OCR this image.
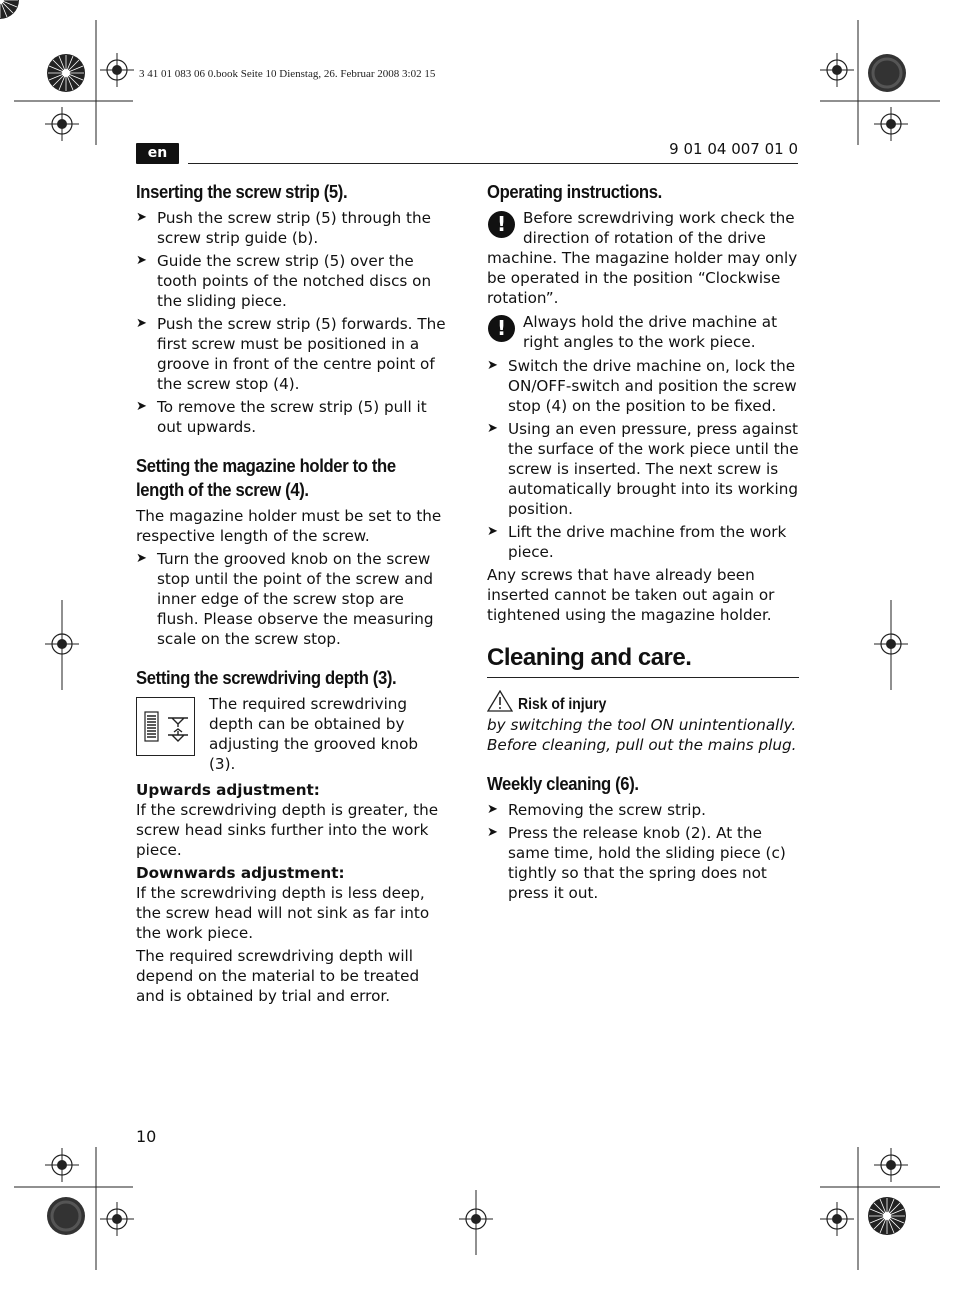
3 41 01 083 06 0.book Seite 10 Dienstag, 26. Februar 2008 3:02 15
en	9 01 04 007 01 0
Inserting the screw strip (5).
➤ Push the screw strip (5) through the screw strip guide (b).
➤ Guide the screw strip (5) over the tooth points of the notched discs on the sliding piece.
➤ Push the screw strip (5) forwards. The first screw must be positioned in a groove in front of the centre point of the screw stop (4).
➤ To remove the screw strip (5) pull it out upwards.
Setting the magazine holder to the length of the screw (4).

The magazine holder must be set to the respective length of the screw.

➤ Turn the grooved knob on the screw stop until the point of the screw and inner edge of the screw stop are flush. Please observe the measuring scale on the screw stop.
Setting the screwdriving depth (3).

The required screwdriving depth can be obtained by adjusting the grooved knob (3).

Upwards adjustment:

If the screwdriving depth is greater, the screw head sinks further into the work piece.

Downwards adjustment:

If the screwdriving depth is less deep, the screw head will not sink as far into the work piece.

The required screwdriving depth will depend on the material to be treated and is obtained by trial and error.

Operating instructions.
!	Before screwdriving work check the direction of rotation of the drive

machine. The magazine holder may only be operated in the position “Clockwise rotation”.

!	Always hold the drive machine at right angles to the work piece.

➤ Switch the drive machine on, lock the ON/OFF-switch and position the screw stop (4) on the position to be fixed.
➤ Using an even pressure, press against the surface of the work piece until the screw is inserted. The next screw is automatically brought into its working position.
➤ Lift the drive machine from the work piece.

Any screws that have already been inserted cannot be taken out again or tightened using the magazine holder.

Cleaning and care.
Risk of injury

by switching the tool ON unintentionally.

Before cleaning, pull out the mains plug.

Weekly cleaning (6).
➤ Removing the screw strip.
➤ Press the release knob (2). At the same time, hold the sliding piece (c) tightly so that the spring does not press it out.
10
